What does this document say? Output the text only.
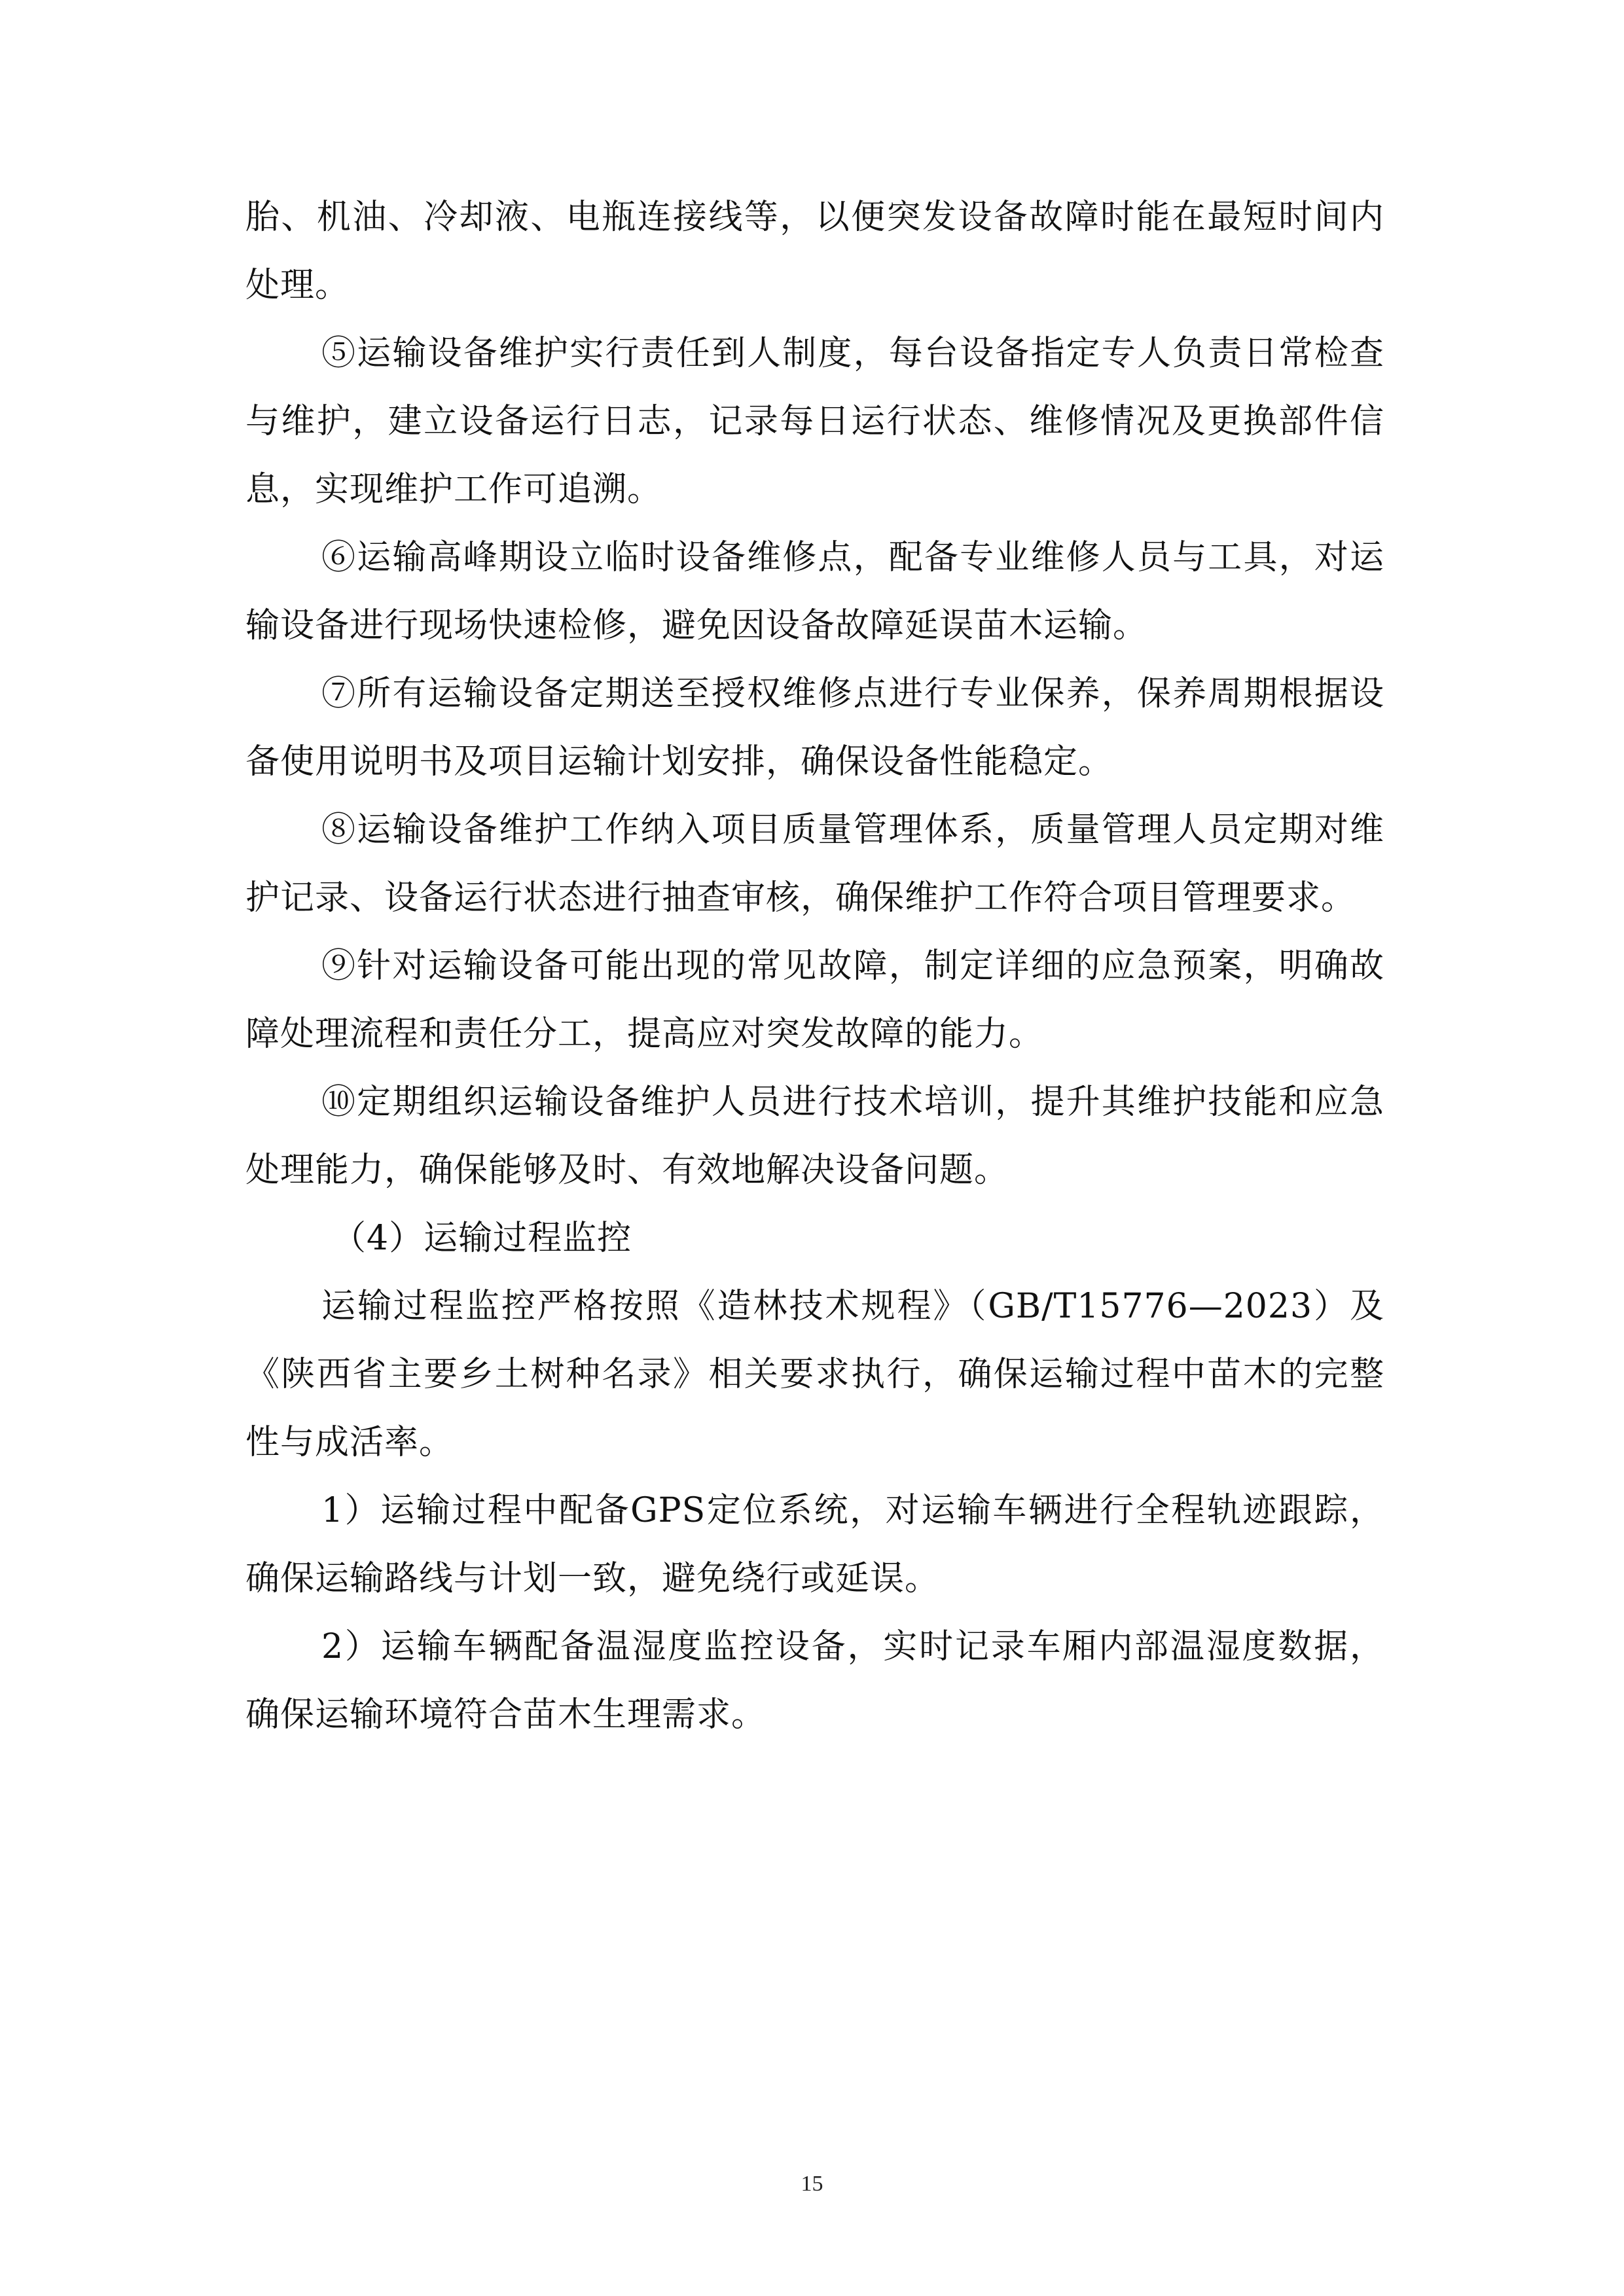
胎、机油、冷却液、电瓶连接线等，以便突发设备故障时能在最短时间内处理。

⑤运输设备维护实行责任到人制度，每台设备指定专人负责日常检查与维护，建立设备运行日志，记录每日运行状态、维修情况及更换部件信息，实现维护工作可追溯。

⑥运输高峰期设立临时设备维修点，配备专业维修人员与工具，对运输设备进行现场快速检修，避免因设备故障延误苗木运输。

⑦所有运输设备定期送至授权维修点进行专业保养，保养周期根据设备使用说明书及项目运输计划安排，确保设备性能稳定。

⑧运输设备维护工作纳入项目质量管理体系，质量管理人员定期对维护记录、设备运行状态进行抽查审核，确保维护工作符合项目管理要求。

⑨针对运输设备可能出现的常见故障，制定详细的应急预案，明确故障处理流程和责任分工，提高应对突发故障的能力。

⑩定期组织运输设备维护人员进行技术培训，提升其维护技能和应急处理能力，确保能够及时、有效地解决设备问题。

（4）运输过程监控

运输过程监控严格按照《造林技术规程》（GB/T15776—2023）及《陕西省主要乡土树种名录》相关要求执行，确保运输过程中苗木的完整性与成活率。

1）运输过程中配备GPS定位系统，对运输车辆进行全程轨迹跟踪，确保运输路线与计划一致，避免绕行或延误。

2）运输车辆配备温湿度监控设备，实时记录车厢内部温湿度数据，确保运输环境符合苗木生理需求。

15
